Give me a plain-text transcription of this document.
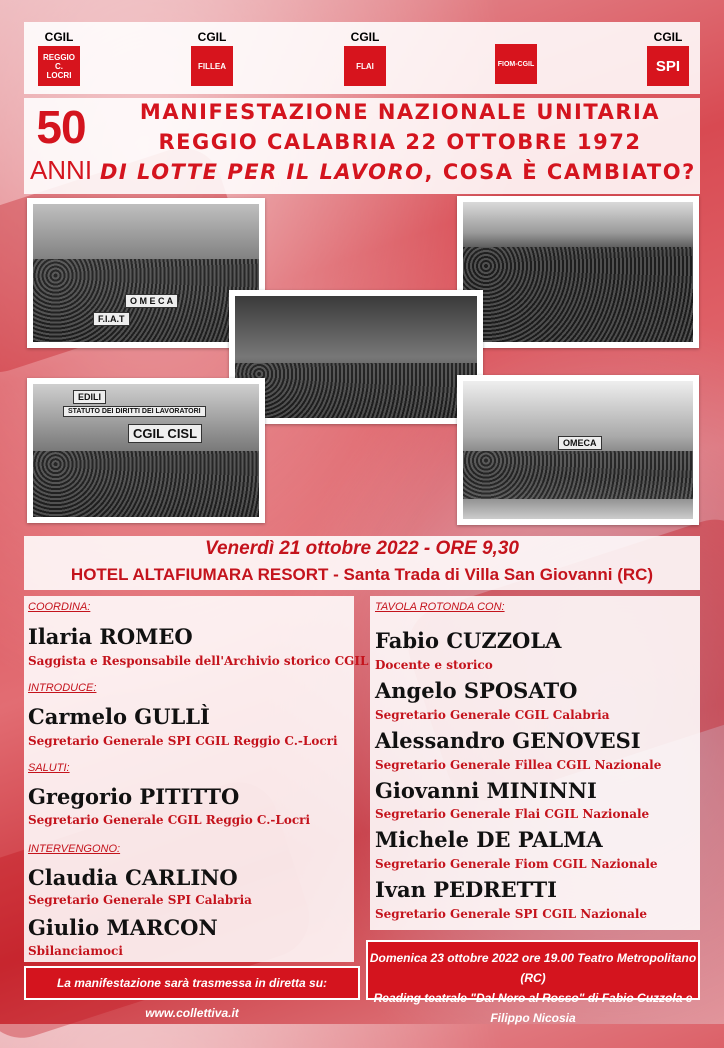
CGIL
REGGIO C.
LOCRI
CGIL
FILLEA
CGIL
FLAI	FIOM-CGIL
CGIL
SPI
50
ANNI
MANIFESTAZIONE NAZIONALE UNITARIA
REGGIO CALABRIA 22 OTTOBRE 1972
DI LOTTE PER IL LAVORO, COSA È CAMBIATO?
O M E C A
F.I.A.T
EDILI
STATUTO DEI DIRITTI DEI LAVORATORI
CGIL CISL
OMECA
Venerdì 21 ottobre 2022 - ORE 9,30
HOTEL ALTAFIUMARA RESORT - Santa Trada di Villa San Giovanni (RC)
COORDINA:
Ilaria ROMEO
Saggista e Responsabile dell'Archivio storico CGIL
INTRODUCE:
Carmelo GULLÌ
Segretario Generale SPI CGIL Reggio C.-Locri
SALUTI:
Gregorio PITITTO
Segretario Generale CGIL Reggio C.-Locri
INTERVENGONO:
Claudia CARLINO
Segretario Generale SPI Calabria
Giulio MARCON
Sbilanciamoci
TAVOLA ROTONDA CON:
Fabio CUZZOLA
Docente e storico
Angelo SPOSATO
Segretario Generale CGIL Calabria
Alessandro GENOVESI
Segretario Generale Fillea CGIL Nazionale
Giovanni MININNI
Segretario Generale Flai CGIL Nazionale
Michele DE PALMA
Segretario Generale Fiom CGIL Nazionale
Ivan PEDRETTI
Segretario Generale SPI CGIL Nazionale
La manifestazione sarà trasmessa in diretta su: www.collettiva.it
Domenica 23 ottobre 2022 ore 19.00 Teatro Metropolitano (RC)
Reading teatrale "Dal Nero al Rosso" di Fabio Cuzzola e Filippo Nicosia
